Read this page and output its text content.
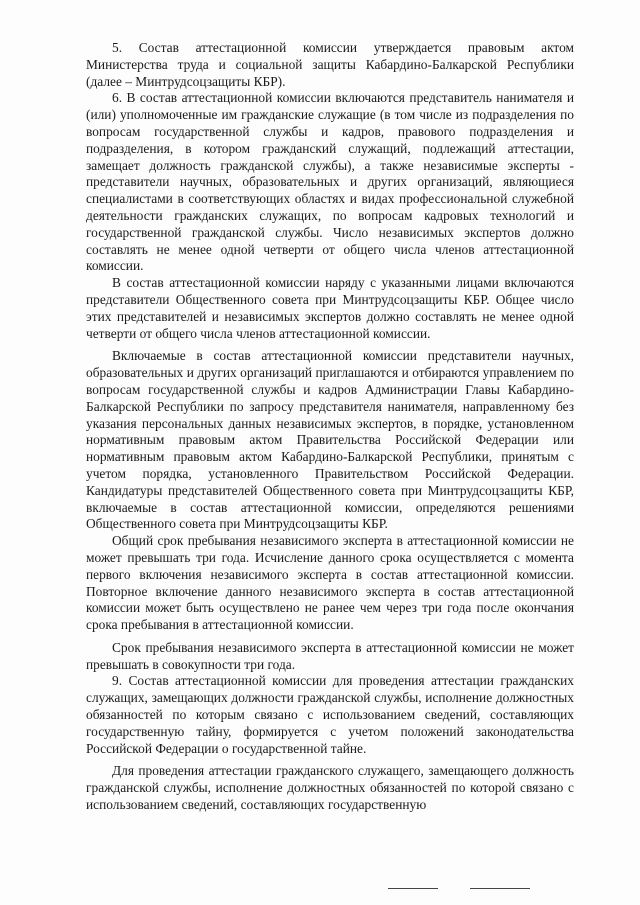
5. Состав аттестационной комиссии утверждается правовым актом Министерства труда и социальной защиты Кабардино-Балкарской Республики (далее – Минтрудсоцзащиты КБР).

6. В состав аттестационной комиссии включаются представитель нанимателя и (или) уполномоченные им гражданские служащие (в том числе из подразделения по вопросам государственной службы и кадров, правового подразделения и подразделения, в котором гражданский служащий, подлежащий аттестации, замещает должность гражданской службы), а также независимые эксперты - представители научных, образовательных и других организаций, являющиеся специалистами в соответствующих областях и видах профессиональной служебной деятельности гражданских служащих, по вопросам кадровых технологий и государственной гражданской службы. Число независимых экспертов должно составлять не менее одной четверти от общего числа членов аттестационной комиссии.

В состав аттестационной комиссии наряду с указанными лицами включаются представители Общественного совета при Минтрудсоцзащиты КБР. Общее число этих представителей и независимых экспертов должно составлять не менее одной четверти от общего числа членов аттестационной комиссии.

Включаемые в состав аттестационной комиссии представители научных, образовательных и других организаций приглашаются и отбираются управлением по вопросам государственной службы и кадров Администрации Главы Кабардино-Балкарской Республики по запросу представителя нанимателя, направленному без указания персональных данных независимых экспертов, в порядке, установленном нормативным правовым актом Правительства Российской Федерации или нормативным правовым актом Кабардино-Балкарской Республики, принятым с учетом порядка, установленного Правительством Российской Федерации. Кандидатуры представителей Общественного совета при Минтрудсоцзащиты КБР, включаемые в состав аттестационной комиссии, определяются решениями Общественного совета при Минтрудсоцзащиты КБР.

Общий срок пребывания независимого эксперта в аттестационной комиссии не может превышать три года. Исчисление данного срока осуществляется с момента первого включения независимого эксперта в состав аттестационной комиссии. Повторное включение данного независимого эксперта в состав аттестационной комиссии может быть осуществлено не ранее чем через три года после окончания срока пребывания в аттестационной комиссии.

Срок пребывания независимого эксперта в аттестационной комиссии не может превышать в совокупности три года.

9. Состав аттестационной комиссии для проведения аттестации гражданских служащих, замещающих должности гражданской службы, исполнение должностных обязанностей по которым связано с использованием сведений, составляющих государственную тайну, формируется с учетом положений законодательства Российской Федерации о государственной тайне.

Для проведения аттестации гражданского служащего, замещающего должность гражданской службы, исполнение должностных обязанностей по которой связано с использованием сведений, составляющих государственную
